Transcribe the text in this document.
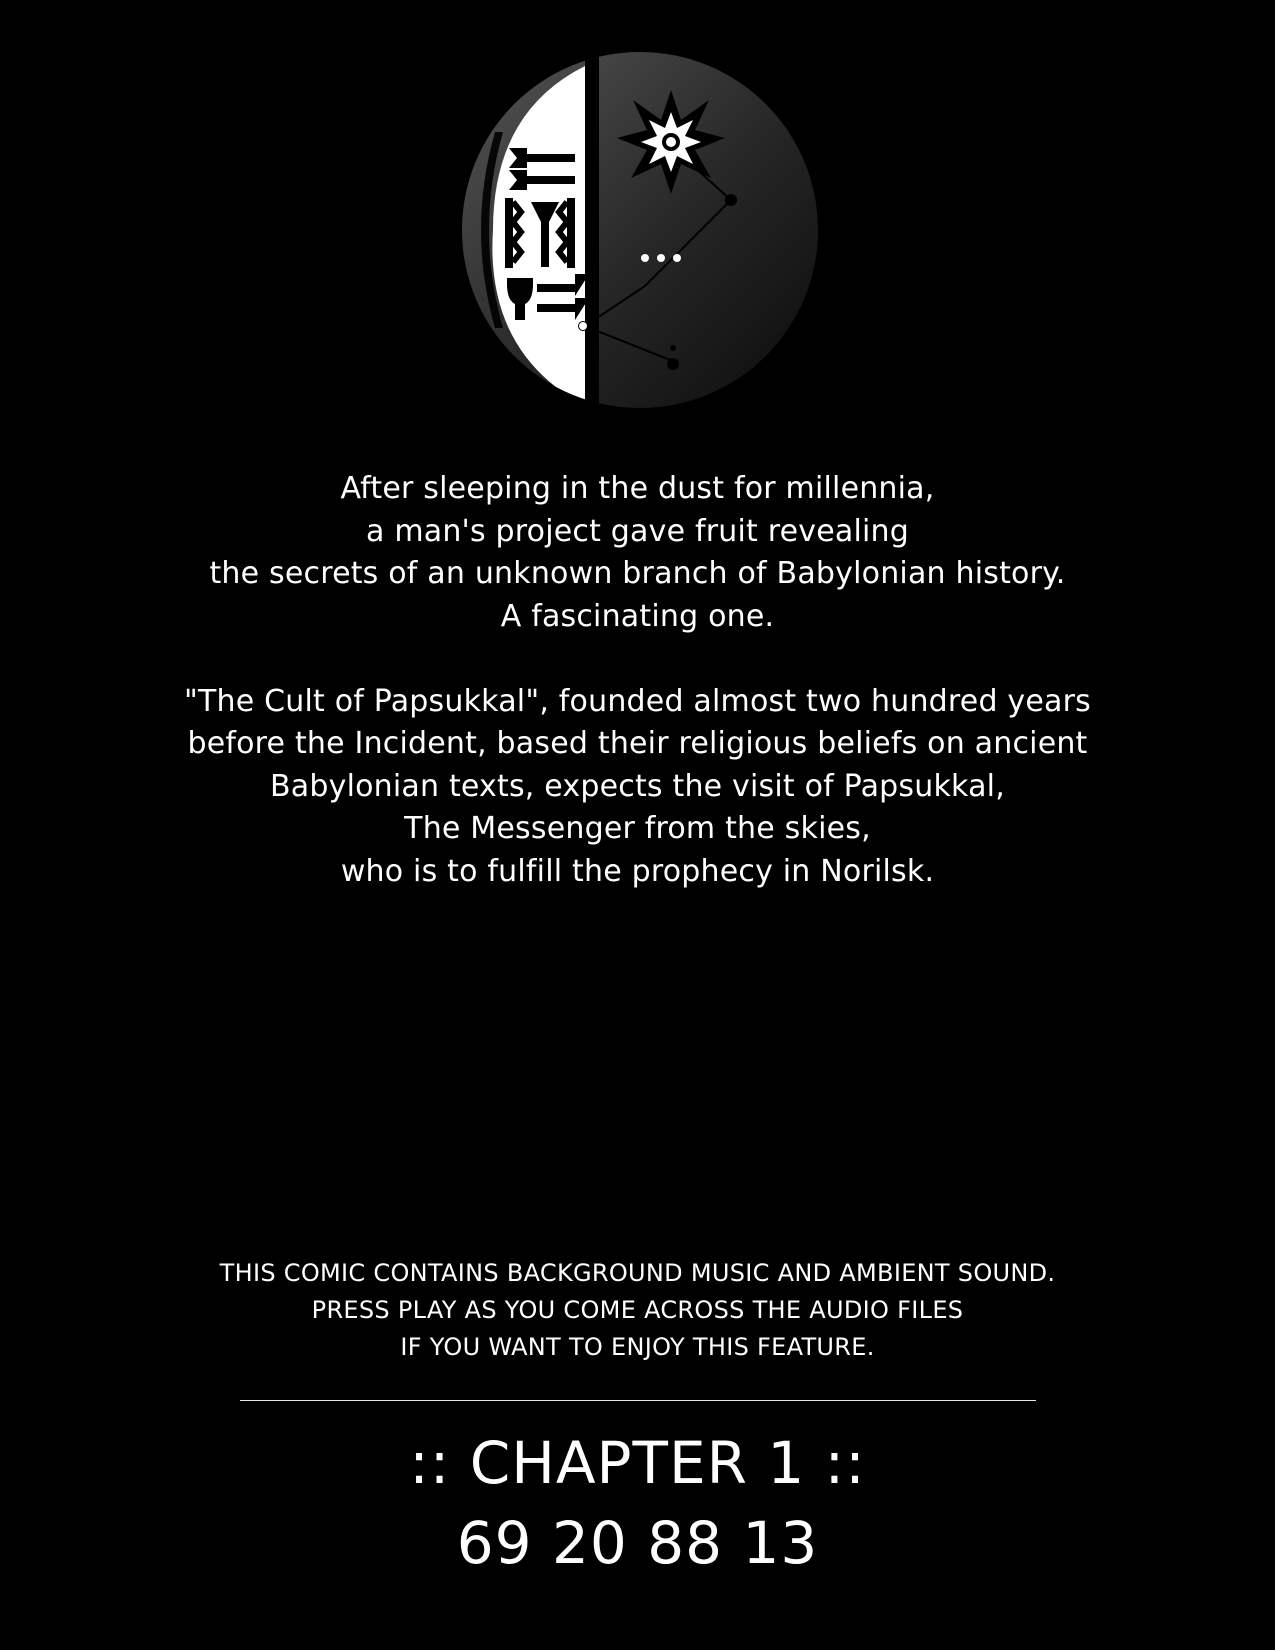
After sleeping in the dust for millennia,

a man's project gave fruit revealing

the secrets of an unknown branch of Babylonian history.

A fascinating one.

"The Cult of Papsukkal", founded almost two hundred years

before the Incident, based their religious beliefs on ancient

Babylonian texts, expects the visit of Papsukkal,

The Messenger from the skies,

who is to fulfill the prophecy in Norilsk.

THIS COMIC CONTAINS BACKGROUND MUSIC AND AMBIENT SOUND.

PRESS PLAY AS YOU COME ACROSS THE AUDIO FILES

IF YOU WANT TO ENJOY THIS FEATURE.

:: CHAPTER 1 ::
69 20 88 13
